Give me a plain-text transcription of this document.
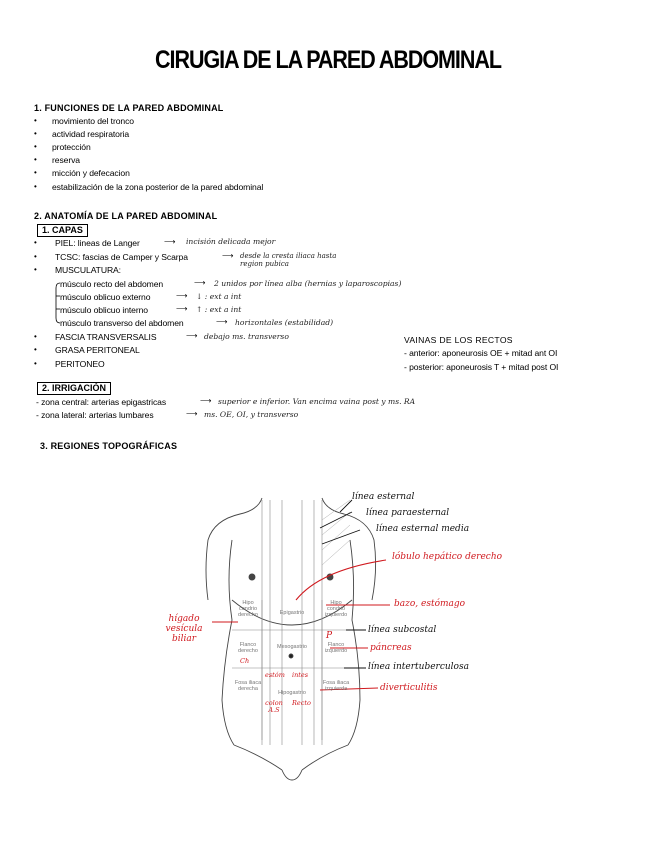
CIRUGIA DE LA PARED ABDOMINAL
1. FUNCIONES DE LA PARED ABDOMINAL
• movimiento del tronco
• actividad respiratoria
• protección
• reserva
• micción y defecacion
• estabilización de la zona posterior de la pared abdominal
2. ANATOMÍA DE LA PARED ABDOMINAL
1. CAPAS
• PIEL: lineas de Langer	⟶ incisión delicada mejor
• TCSC: fascias de Camper y Scarpa	⟶ desde la cresta iliaca hasta region pubica
• MUSCULATURA:
músculo recto del abdomen	⟶ 2 unidos por línea alba (hernias y laparoscopias)
músculo oblicuo externo	⟶ ↓ : ext a int
músculo oblicuo interno	⟶ ↑ : ext a int
músculo transverso del abdomen	⟶ horizontales (estabilidad)
• FASCIA TRANSVERSALIS	⟶ debajo ms. transverso
• GRASA PERITONEAL
• PERITONEO
VAINAS DE LOS RECTOS
- anterior: aponeurosis OE + mitad ant OI
- posterior: aponeurosis T + mitad post OI
2. IRRIGACIÓN
- zona central: arterias epigastricas	⟶ superior e inferior. Van encima vaina post y ms. RA
- zona lateral: arterias lumbares	⟶ ms. OE, OI, y transverso
3. REGIONES TOPOGRÁFICAS
línea esternal
línea paraesternal
línea esternal media
línea subcostal
línea intertuberculosa
lóbulo hepático derecho
bazo, estómago
páncreas
diverticulitis
hígado vesícula biliar
Hipo condrio derecho	Epigastrio
Hipo condrio izquierdo
Flanco derecho
Mesogastrio	Flanco izquierdo
Fosa iliaca derecha
Hipogastrio
Fosa iliaca izquierda
Ch
estóm intes
colon A.S
Recto
P
